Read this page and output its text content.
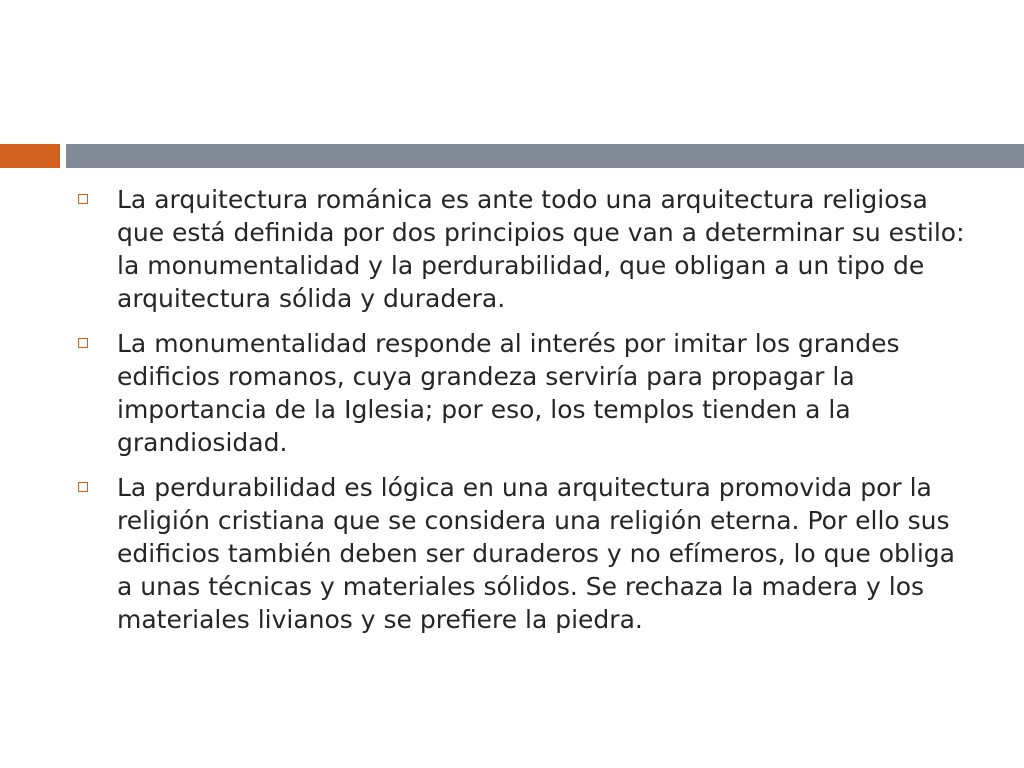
La arquitectura románica es ante todo una arquitectura religiosa que está definida por dos principios que van a determinar su estilo: la monumentalidad y la perdurabilidad, que obligan a un tipo de arquitectura sólida y duradera.
La monumentalidad responde al interés por imitar los grandes edificios romanos, cuya grandeza serviría para propagar la importancia de la Iglesia; por eso, los templos tienden a la grandiosidad.
La perdurabilidad es lógica en una arquitectura promovida por la religión cristiana que se considera una religión eterna. Por ello sus edificios también deben ser duraderos y no efímeros, lo que obliga a unas técnicas y materiales sólidos. Se rechaza la madera y los materiales livianos y se prefiere la piedra.
